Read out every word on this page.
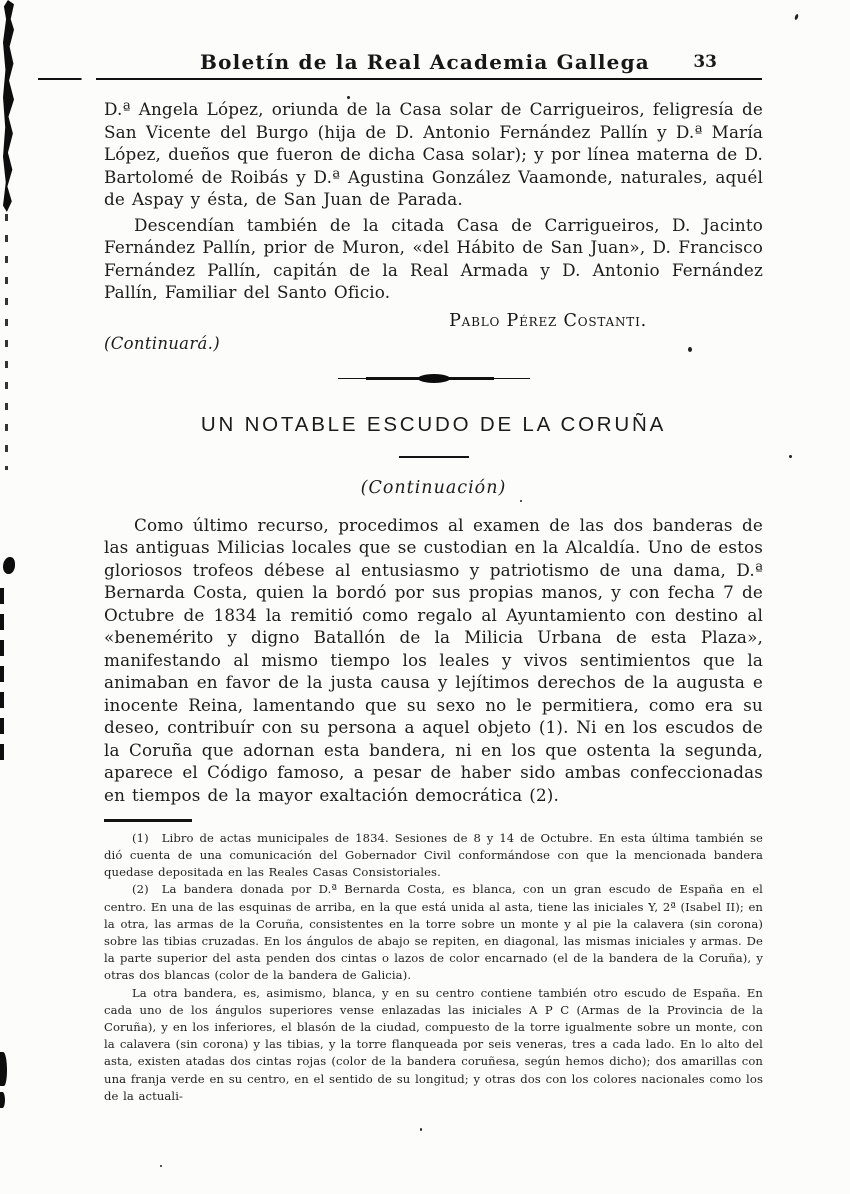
Boletín de la Real Academia Gallega	33

D.ª Angela López, oriunda de la Casa solar de Carrigueiros, feligresía de San Vicente del Burgo (hija de D. Antonio Fernández Pallín y D.ª María López, dueños que fueron de dicha Casa solar); y por línea materna de D. Bartolomé de Roibás y D.ª Agustina González Vaamonde, naturales, aquél de Aspay y ésta, de San Juan de Parada.

Descendían también de la citada Casa de Carrigueiros, D. Jacinto Fernández Pallín, prior de Muron, «del Hábito de San Juan», D. Francisco Fernández Pallín, capitán de la Real Armada y D. Antonio Fernández Pallín, Familiar del Santo Oficio.

Pablo Pérez Costanti.
(Continuará.)
UN NOTABLE ESCUDO DE LA CORUÑA
(Continuación)

Como último recurso, procedimos al examen de las dos banderas de las antiguas Milicias locales que se custodian en la Alcaldía. Uno de estos gloriosos trofeos débese al entusiasmo y patriotismo de una dama, D.ª Bernarda Costa, quien la bordó por sus propias manos, y con fecha 7 de Octubre de 1834 la remitió como regalo al Ayuntamiento con destino al «benemérito y digno Batallón de la Milicia Urbana de esta Plaza», manifestando al mismo tiempo los leales y vivos sentimientos que la animaban en favor de la justa causa y lejítimos derechos de la augusta e inocente Reina, lamentando que su sexo no le permitiera, como era su deseo, contribuír con su persona a aquel objeto (1). Ni en los escudos de la Coruña que adornan esta bandera, ni en los que ostenta la segunda, aparece el Código famoso, a pesar de haber sido ambas confeccionadas en tiempos de la mayor exaltación democrática (2).

(1) Libro de actas municipales de 1834. Sesiones de 8 y 14 de Octubre. En esta última también se dió cuenta de una comunicación del Gobernador Civil conformándose con que la mencionada bandera quedase depositada en las Reales Casas Consistoriales.

(2) La bandera donada por D.ª Bernarda Costa, es blanca, con un gran escudo de España en el centro. En una de las esquinas de arriba, en la que está unida al asta, tiene las iniciales Y, 2ª (Isabel II); en la otra, las armas de la Coruña, consistentes en la torre sobre un monte y al pie la calavera (sin corona) sobre las tibias cruzadas. En los ángulos de abajo se repiten, en diagonal, las mismas iniciales y armas. De la parte superior del asta penden dos cintas o lazos de color encarnado (el de la bandera de la Coruña), y otras dos blancas (color de la bandera de Galicia).

La otra bandera, es, asimismo, blanca, y en su centro contiene también otro escudo de España. En cada uno de los ángulos superiores vense enlazadas las iniciales A P C (Armas de la Provincia de la Coruña), y en los inferiores, el blasón de la ciudad, compuesto de la torre igualmente sobre un monte, con la calavera (sin corona) y las tibias, y la torre flanqueada por seis veneras, tres a cada lado. En lo alto del asta, existen atadas dos cintas rojas (color de la bandera coruñesa, según hemos dicho); dos amarillas con una franja verde en su centro, en el sentido de su longitud; y otras dos con los colores nacionales como los de la actuali-
